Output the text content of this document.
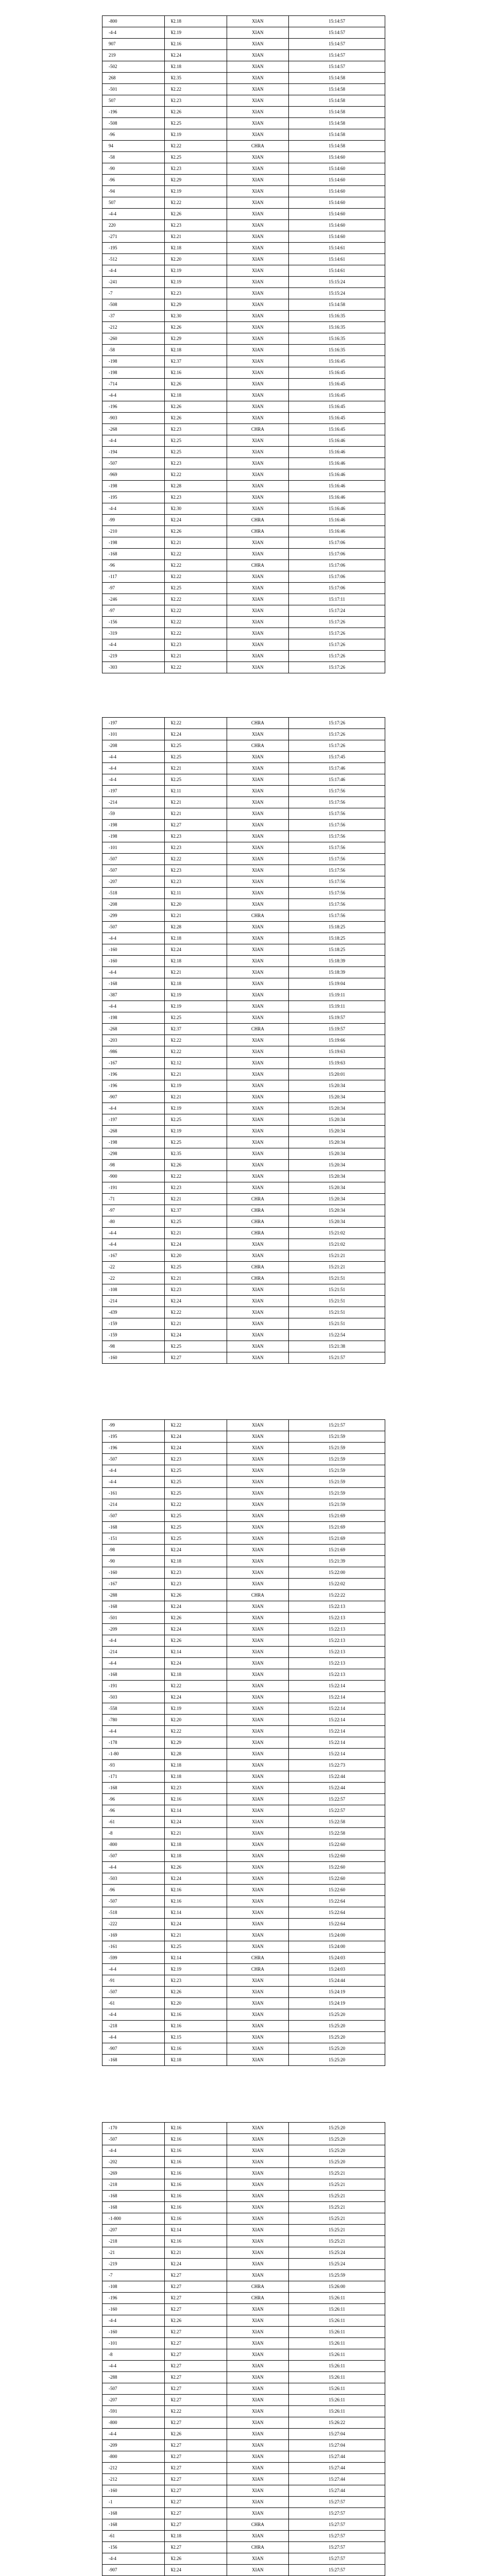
-800	¥2.18	XIAN	15:14:57
-4-4	¥2.19	XIAN	15:14:57
907	¥2.16	XIAN	15:14:57
219	¥2.24	XIAN	15:14:57
-502	¥2.18	XIAN	15:14:57
268	¥2.35	XIAN	15:14:58
-501	¥2.22	XIAN	15:14:58
507	¥2.23	XIAN	15:14:58
-196	¥2.26	XIAN	15:14:58
-508	¥2.25	XIAN	15:14:58
-96	¥2.19	XIAN	15:14:58
94	¥2.22	CHRA	15:14:58
-58	¥2.25	XIAN	15:14:60
-90	¥2.23	XIAN	15:14:60
-96	¥2.29	XIAN	15:14:60
-94	¥2.19	XIAN	15:14:60
507	¥2.22	XIAN	15:14:60
-4-4	¥2.26	XIAN	15:14:60
220	¥2.23	XIAN	15:14:60
-271	¥2.21	XIAN	15:14:60
-195	¥2.18	XIAN	15:14:61
-512	¥2.20	XIAN	15:14:61
-4-4	¥2.19	XIAN	15:14:61
-241	¥2.19	XIAN	15:15:24
-7	¥2.23	XIAN	15:15:24
-508	¥2.29	XIAN	15:14:58
-37	¥2.30	XIAN	15:16:35
-212	¥2.26	XIAN	15:16:35
-260	¥2.29	XIAN	15:16:35
-58	¥2.18	XIAN	15:16:35
-198	¥2.37	XIAN	15:16:45
-198	¥2.16	XIAN	15:16:45
-714	¥2.26	XIAN	15:16:45
-4-4	¥2.18	XIAN	15:16:45
-196	¥2.26	XIAN	15:16:45
-903	¥2.26	XIAN	15:16:45
-268	¥2.23	CHRA	15:16:45
-4-4	¥2.25	XIAN	15:16:46
-194	¥2.25	XIAN	15:16:46
-507	¥2.23	XIAN	15:16:46
-969	¥2.22	XIAN	15:16:46
-198	¥2.28	XIAN	15:16:46
-195	¥2.23	XIAN	15:16:46
-4-4	¥2.30	XIAN	15:16:46
-99	¥2.24	CHRA	15:16:46
-210	¥2.26	CHRA	15:16:46
-198	¥2.21	XIAN	15:17:06
-168	¥2.22	XIAN	15:17:06
-96	¥2.22	CHRA	15:17:06
-117	¥2.22	XIAN	15:17:06
-97	¥2.25	XIAN	15:17:06
-246	¥2.22	XIAN	15:17:11
-97	¥2.22	XIAN	15:17:24
-156	¥2.22	XIAN	15:17:26
-319	¥2.22	XIAN	15:17:26
-4-4	¥2.23	XIAN	15:17:26
-219	¥2.21	XIAN	15:17:26
-303	¥2.22	XIAN	15:17:26
-197	¥2.22	CHRA	15:17:26
-101	¥2.24	XIAN	15:17:26
-208	¥2.25	CHRA	15:17:26
-4-4	¥2.25	XIAN	15:17:45
-4-4	¥2.21	XIAN	15:17:46
-4-4	¥2.25	XIAN	15:17:46
-197	¥2.11	XIAN	15:17:56
-214	¥2.21	XIAN	15:17:56
-59	¥2.21	XIAN	15:17:56
-198	¥2.27	XIAN	15:17:56
-198	¥2.23	XIAN	15:17:56
-101	¥2.23	XIAN	15:17:56
-507	¥2.22	XIAN	15:17:56
-507	¥2.23	XIAN	15:17:56
-207	¥2.23	XIAN	15:17:56
-518	¥2.11	XIAN	15:17:56
-208	¥2.20	XIAN	15:17:56
-299	¥2.21	CHRA	15:17:56
-507	¥2.28	XIAN	15:18:25
-4-4	¥2.18	XIAN	15:18:25
-160	¥2.24	XIAN	15:18:25
-160	¥2.18	XIAN	15:18:39
-4-4	¥2.21	XIAN	15:18:39
-168	¥2.18	XIAN	15:19:04
-387	¥2.19	XIAN	15:19:11
-4-4	¥2.19	XIAN	15:19:11
-198	¥2.25	XIAN	15:19:57
-268	¥2.37	CHRA	15:19:57
-203	¥2.22	XIAN	15:19:66
-986	¥2.22	XIAN	15:19:63
-167	¥2.12	XIAN	15:19:63
-196	¥2.21	XIAN	15:20:01
-196	¥2.19	XIAN	15:20:34
-907	¥2.21	XIAN	15:20:34
-4-4	¥2.19	XIAN	15:20:34
-197	¥2.25	XIAN	15:20:34
-268	¥2.19	XIAN	15:20:34
-198	¥2.25	XIAN	15:20:34
-298	¥2.35	XIAN	15:20:34
-98	¥2.26	XIAN	15:20:34
-900	¥2.22	XIAN	15:20:34
-191	¥2.23	XIAN	15:20:34
-71	¥2.21	CHRA	15:20:34
-97	¥2.37	CHRA	15:20:34
-80	¥2.25	CHRA	15:20:34
-4-4	¥2.21	CHRA	15:21:02
-4-4	¥2.24	XIAN	15:21:02
-167	¥2.20	XIAN	15:21:21
-22	¥2.25	CHRA	15:21:21
-22	¥2.21	CHRA	15:21:51
-108	¥2.23	XIAN	15:21:51
-214	¥2.24	XIAN	15:21:51
-439	¥2.22	XIAN	15:21:51
-159	¥2.21	XIAN	15:21:51
-159	¥2.24	XIAN	15:22:54
-98	¥2.25	XIAN	15:21:38
-160	¥2.27	XIAN	15:21:57
-99	¥2.22	XIAN	15:21:57
-195	¥2.24	XIAN	15:21:59
-196	¥2.24	XIAN	15:21:59
-507	¥2.23	XIAN	15:21:59
-4-4	¥2.25	XIAN	15:21:59
-4-4	¥2.25	XIAN	15:21:59
-161	¥2.25	XIAN	15:21:59
-214	¥2.22	XIAN	15:21:59
-507	¥2.25	XIAN	15:21:69
-168	¥2.25	XIAN	15:21:69
-151	¥2.25	XIAN	15:21:69
-98	¥2.24	XIAN	15:21:69
-90	¥2.18	XIAN	15:21:39
-160	¥2.23	XIAN	15:22:00
-167	¥2.23	XIAN	15:22:02
-288	¥2.26	CHRA	15:22:22
-168	¥2.24	XIAN	15:22:13
-501	¥2.26	XIAN	15:22:13
-209	¥2.24	XIAN	15:22:13
-4-4	¥2.26	XIAN	15:22:13
-214	¥2.14	XIAN	15:22:13
-4-4	¥2.24	XIAN	15:22:13
-168	¥2.18	XIAN	15:22:13
-191	¥2.22	XIAN	15:22:14
-503	¥2.24	XIAN	15:22:14
-558	¥2.19	XIAN	15:22:14
-780	¥2.20	XIAN	15:22:14
-4-4	¥2.22	XIAN	15:22:14
-178	¥2.29	XIAN	15:22:14
-1-80	¥2.28	XIAN	15:22:14
-93	¥2.18	XIAN	15:22:73
-171	¥2.18	XIAN	15:22:44
-168	¥2.23	XIAN	15:22:44
-96	¥2.16	XIAN	15:22:57
-96	¥2.14	XIAN	15:22:57
-61	¥2.24	XIAN	15:22:58
-8	¥2.21	XIAN	15:22:58
-800	¥2.18	XIAN	15:22:60
-507	¥2.18	XIAN	15:22:60
-4-4	¥2.26	XIAN	15:22:60
-503	¥2.24	XIAN	15:22:60
-96	¥2.16	XIAN	15:22:60
-507	¥2.16	XIAN	15:22:64
-518	¥2.14	XIAN	15:22:64
-222	¥2.24	XIAN	15:22:64
-169	¥2.21	XIAN	15:24:00
-161	¥2.25	XIAN	15:24:00
-599	¥2.14	CHRA	15:24:03
-4-4	¥2.19	CHRA	15:24:03
-91	¥2.23	XIAN	15:24:44
-507	¥2.26	XIAN	15:24:19
-61	¥2.20	XIAN	15:24:19
-4-4	¥2.16	XIAN	15:25:20
-218	¥2.16	XIAN	15:25:20
-4-4	¥2.15	XIAN	15:25:20
-907	¥2.16	XIAN	15:25:20
-168	¥2.18	XIAN	15:25:20
-170	¥2.16	XIAN	15:25:20
-507	¥2.16	XIAN	15:25:20
-4-4	¥2.16	XIAN	15:25:20
-202	¥2.16	XIAN	15:25:20
-269	¥2.16	XIAN	15:25:21
-218	¥2.16	XIAN	15:25:21
-168	¥2.16	XIAN	15:25:21
-168	¥2.16	XIAN	15:25:21
-1-800	¥2.16	XIAN	15:25:21
-207	¥2.14	XIAN	15:25:21
-218	¥2.16	XIAN	15:25:21
-21	¥2.21	XIAN	15:25:24
-219	¥2.24	XIAN	15:25:24
-7	¥2.27	XIAN	15:25:59
-108	¥2.27	CHRA	15:26:00
-196	¥2.27	CHRA	15:26:11
-160	¥2.27	XIAN	15:26:11
-4-4	¥2.26	XIAN	15:26:11
-160	¥2.27	XIAN	15:26:11
-101	¥2.27	XIAN	15:26:11
-8	¥2.27	XIAN	15:26:11
-4-4	¥2.27	XIAN	15:26:11
-288	¥2.27	XIAN	15:26:11
-507	¥2.27	XIAN	15:26:11
-207	¥2.27	XIAN	15:26:11
-591	¥2.22	XIAN	15:26:11
-800	¥2.27	XIAN	15:26:22
-4-4	¥2.26	XIAN	15:27:04
-209	¥2.27	XIAN	15:27:04
-800	¥2.27	XIAN	15:27:44
-212	¥2.27	XIAN	15:27:44
-212	¥2.27	XIAN	15:27:44
-160	¥2.27	XIAN	15:27:44
-1	¥2.27	XIAN	15:27:57
-168	¥2.27	XIAN	15:27:57
-168	¥2.27	CHRA	15:27:57
-61	¥2.18	XIAN	15:27:57
-156	¥2.27	CHRA	15:27:57
-4-4	¥2.26	XIAN	15:27:57
-907	¥2.24	XIAN	15:27:57
